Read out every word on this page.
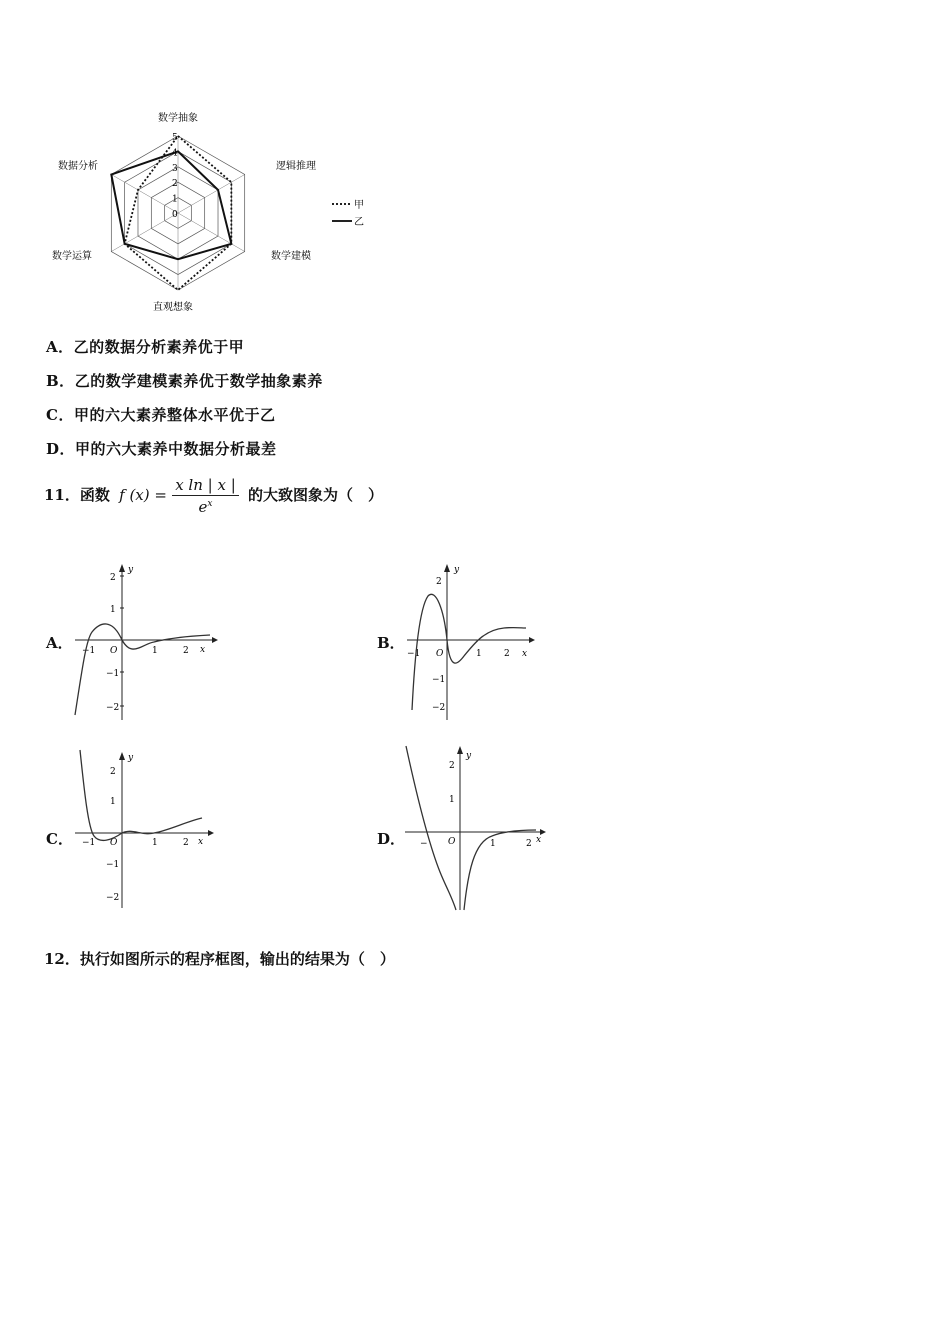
数学抽象
逻辑推理
数学建模
直观想象
数学运算
数据分析
0
1
2
3
4
5
甲
乙
A．乙的数据分析素养优于甲
B．乙的数学建模素养优于数学抽象素养
C．甲的六大素养整体水平优于乙
D．甲的六大素养中数据分析最差
11．函数 f $(x) = \frac{\text{x ln | x |}}{e^x}$ 的大致图象为（　）
A．	B．
C．	D．
y
x
2
1
−1
−2
−1 O	1	2
y
x
2
−1
−2
−1 O	1 2
y
x
2
1
−1
−2
−1 O	1	2
y
x
2
1
− O	1	2
12．执行如图所示的程序框图，输出的结果为（　）
